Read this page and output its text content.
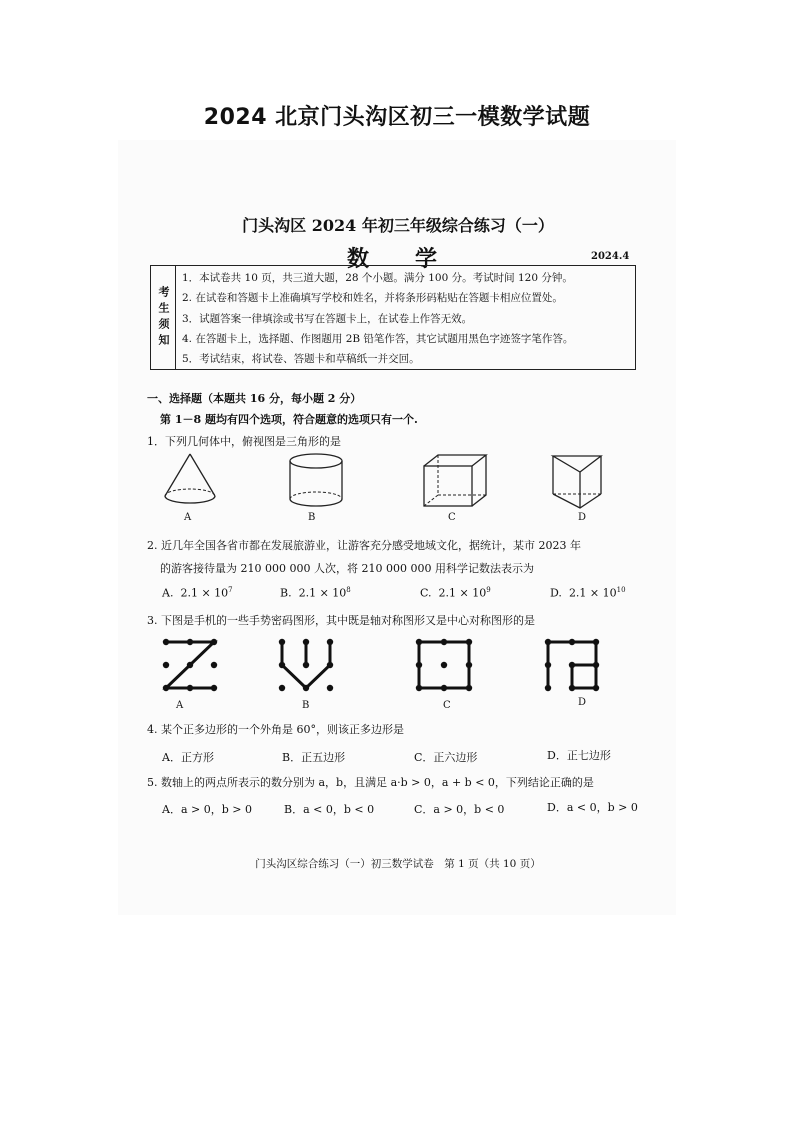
2024 北京门头沟区初三一模数学试题
门头沟区 2024 年初三年级综合练习（一）
数　学	2024.4
考生须知
1．本试卷共 10 页，共三道大题，28 个小题。满分 100 分。考试时间 120 分钟。
2. 在试卷和答题卡上准确填写学校和姓名，并将条形码粘贴在答题卡相应位置处。
3．试题答案一律填涂或书写在答题卡上，在试卷上作答无效。
4. 在答题卡上，选择题、作图题用 2B 铅笔作答，其它试题用黑色字迹签字笔作答。
5．考试结束，将试卷、答题卡和草稿纸一并交回。
一、选择题（本题共 16 分，每小题 2 分）
第 1－8 题均有四个选项，符合题意的选项只有一个.
1．下列几何体中，俯视图是三角形的是
A	B	C	D
2. 近几年全国各省市都在发展旅游业，让游客充分感受地域文化，据统计，某市 2023 年
的游客接待量为 210 000 000 人次，将 210 000 000 用科学记数法表示为
A. $2.1 \times 10^7$	B. $2.1 \times 10^8$	C. $2.1 \times 10^9$	D. $2.1 \times 10^{10}$
3. 下图是手机的一些手势密码图形，其中既是轴对称图形又是中心对称图形的是
A	B	C	D
4. 某个正多边形的一个外角是 60°，则该正多边形是
A．正方形	B．正五边形	C．正六边形	D．正七边形
5. 数轴上的两点所表示的数分别为 a，b，且满足 a·b > 0，a + b < 0，下列结论正确的是
A．a > 0，b > 0	B．a < 0，b < 0	C．a > 0，b < 0	D．a < 0，b > 0
门头沟区综合练习（一）初三数学试卷　第 1 页（共 10 页）
